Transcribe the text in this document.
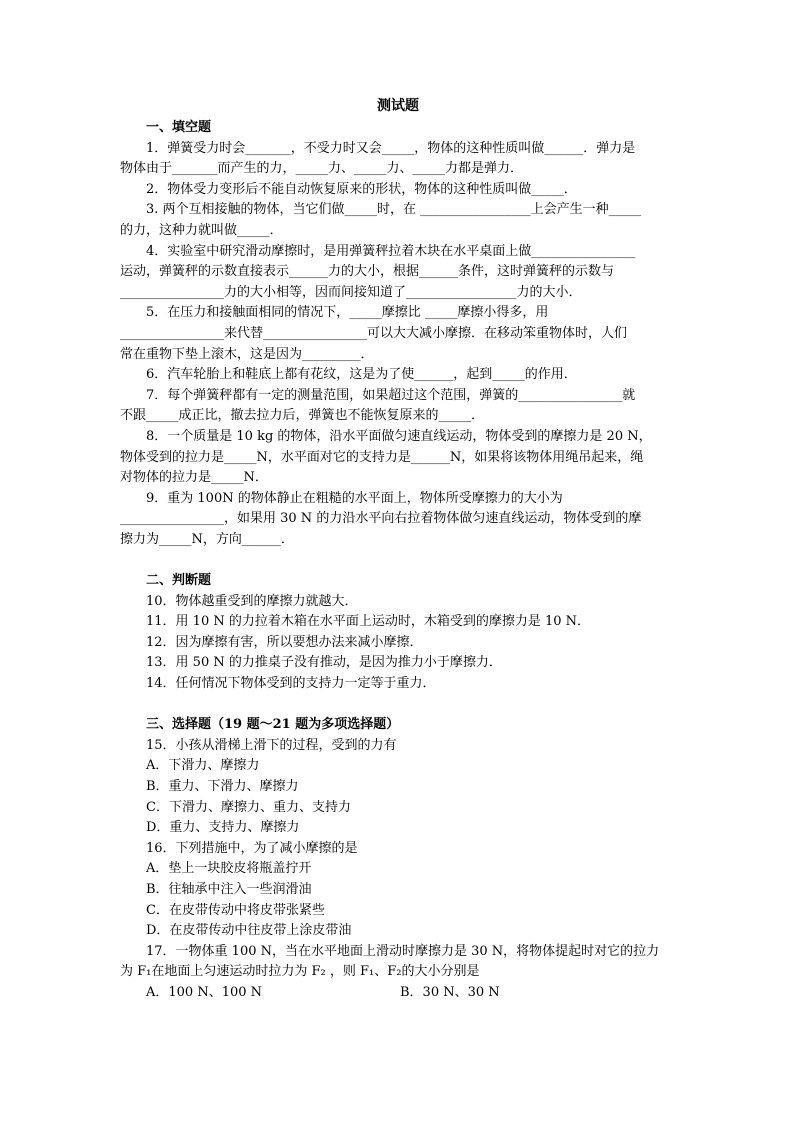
测试题
一、填空题
1．弹簧受力时会_______，不受力时又会_____，物体的这种性质叫做______．弹力是
物体由于_______而产生的力，_____力、_____力、_____力都是弹力．
2．物体受力变形后不能自动恢复原来的形状，物体的这种性质叫做_____．
3. 两个互相接触的物体，当它们做_____时，在 _________________上会产生一种_____
的力，这种力就叫做_____．
4．实验室中研究滑动摩擦时，是用弹簧秤拉着木块在水平桌面上做________________
运动，弹簧秤的示数直接表示______力的大小，根据______条件，这时弹簧秤的示数与
________________力的大小相等，因而间接知道了_________________力的大小．
5．在压力和接触面相同的情况下，_____摩擦比 _____摩擦小得多，用
________________来代替________________可以大大减小摩擦．在移动笨重物体时，人们
常在重物下垫上滚木，这是因为_________．
6．汽车轮胎上和鞋底上都有花纹，这是为了使______，起到_____的作用．
7．每个弹簧秤都有一定的测量范围，如果超过这个范围，弹簧的________________就
不跟_____成正比，撤去拉力后，弹簧也不能恢复原来的_____．
8．一个质量是 10 kg 的物体，沿水平面做匀速直线运动，物体受到的摩擦力是 20 N，
物体受到的拉力是_____N，水平面对它的支持力是______N，如果将该物体用绳吊起来，绳
对物体的拉力是_____N．
9．重为 100N 的物体静止在粗糙的水平面上，物体所受摩擦力的大小为
________________，如果用 30 N 的力沿水平向右拉着物体做匀速直线运动，物体受到的摩
擦力为_____N，方向______．
二、判断题
10．物体越重受到的摩擦力就越大．
11．用 10 N 的力拉着木箱在水平面上运动时，木箱受到的摩擦力是 10 N．
12．因为摩擦有害，所以要想办法来减小摩擦．
13．用 50 N 的力推桌子没有推动，是因为推力小于摩擦力．
14．任何情况下物体受到的支持力一定等于重力．
三、选择题（19 题～21 题为多项选择题）
15．小孩从滑梯上滑下的过程，受到的力有
A．下滑力、摩擦力
B．重力、下滑力、摩擦力
C．下滑力、摩擦力、重力、支持力
D．重力、支持力、摩擦力
16．下列措施中，为了减小摩擦的是
A．垫上一块胶皮将瓶盖拧开
B．往轴承中注入一些润滑油
C．在皮带传动中将皮带张紧些
D．在皮带传动中往皮带上涂皮带油
17．一物体重 100 N，当在水平地面上滑动时摩擦力是 30 N，将物体提起时对它的拉力
为 F₁在地面上匀速运动时拉力为 F₂ ，则 F₁、F₂的大小分别是
A．100 N、100 N	B．30 N、30 N
